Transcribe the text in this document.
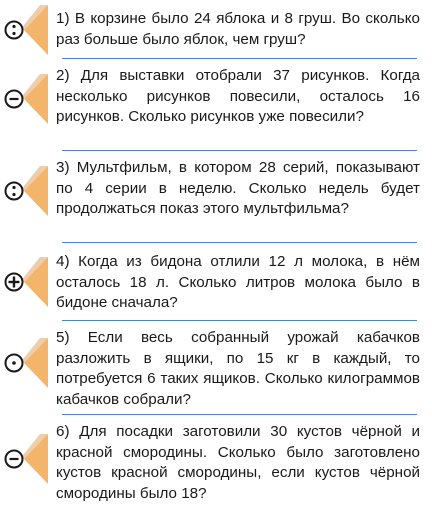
1) В корзине было 24 яблока и 8 груш. Во сколько раз больше было яблок, чем груш?
2) Для выставки отобрали 37 рисунков. Когда несколько рисунков повесили, осталось 16 рисунков. Сколько рисунков уже повесили?
3) Мультфильм, в котором 28 серий, показывают по 4 серии в неделю. Сколько недель будет продолжаться показ этого мультфильма?
4) Когда из бидона отлили 12 л молока, в нём осталось 18 л. Сколько литров молока было в бидоне сначала?
5) Если весь собранный урожай кабачков разложить в ящики, по 15 кг в каждый, то потребуется 6 таких ящиков. Сколько килограммов кабачков собрали?
6) Для посадки заготовили 30 кустов чёрной и красной смородины. Сколько было заготовлено кустов красной смородины, если кустов чёрной смородины было 18?
